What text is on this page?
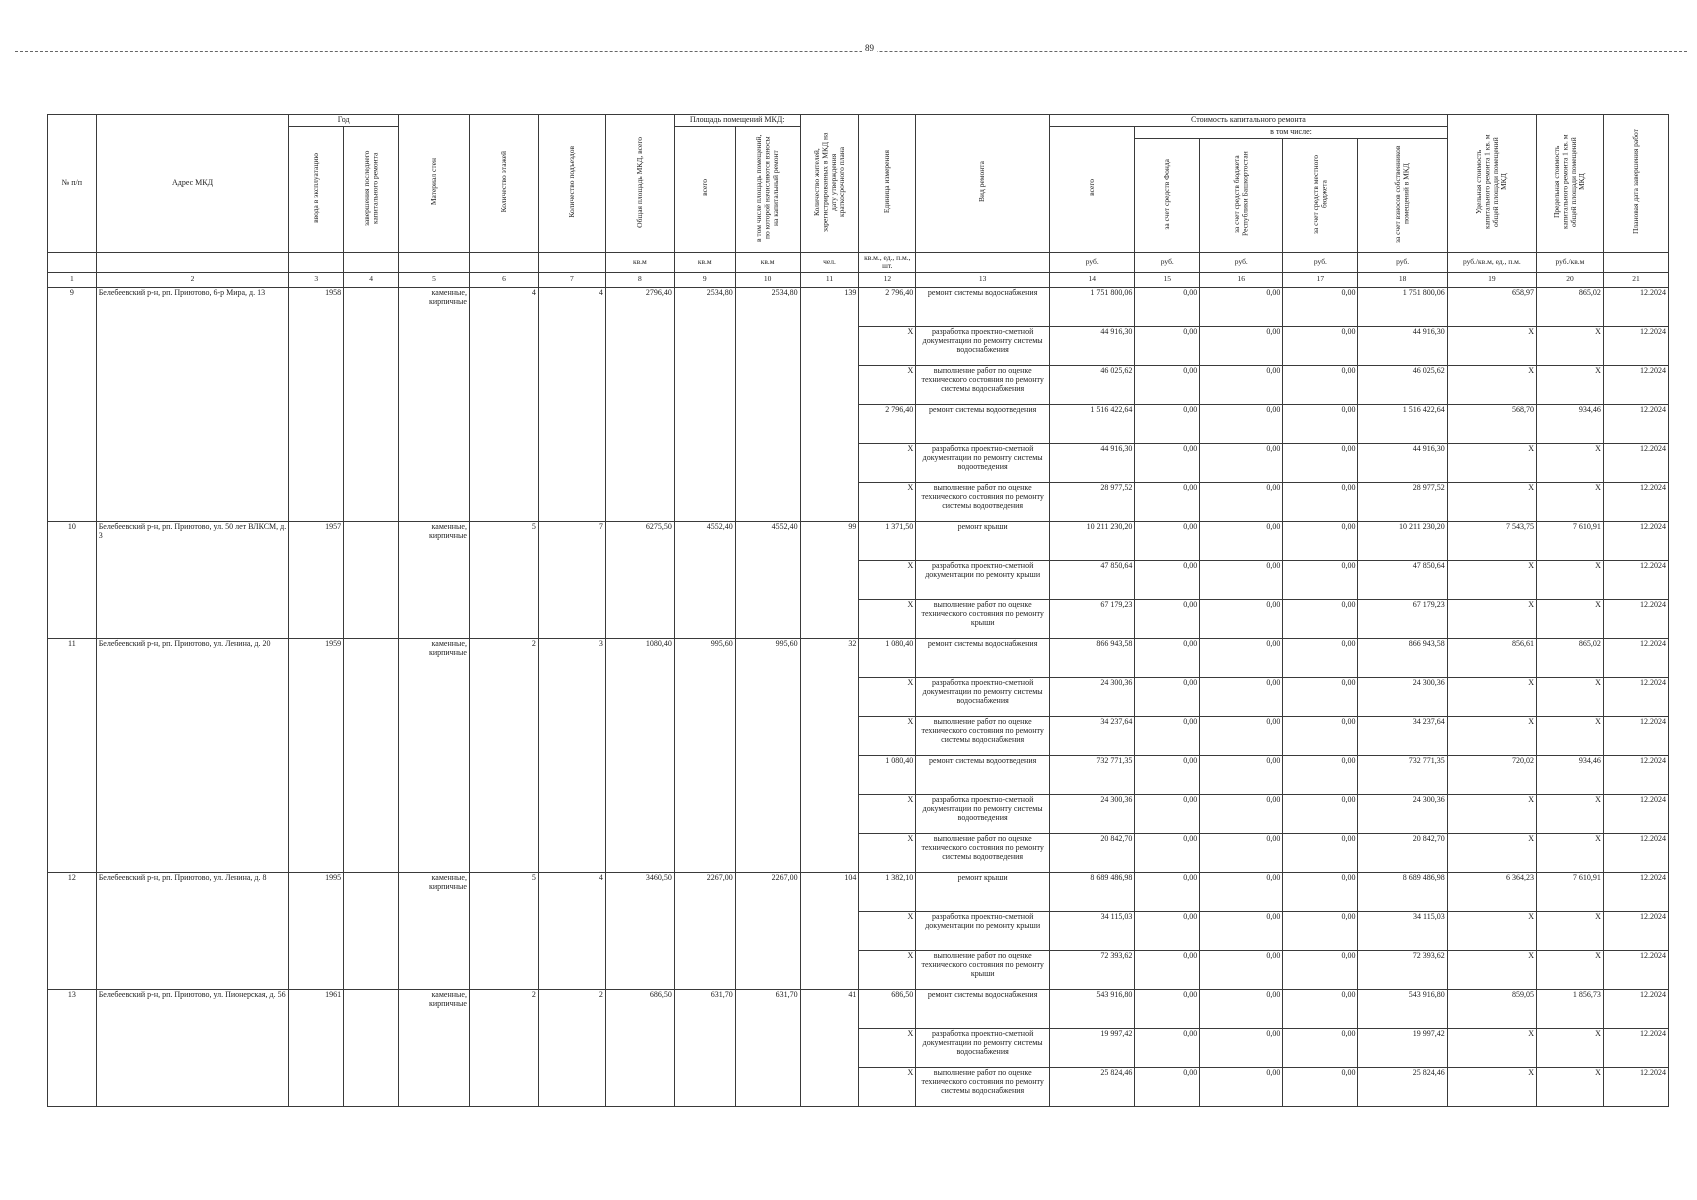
89
№ п/п	Адрес МКД	Год		Материал стен	Количество этажей	Количество подъездов	Общая площадь МКД, всего	Площадь помещений МКД:		Количество жителей, зарегистрированных в МКД на дату утверждения краткосрочного плана	Единица измерения	Вид ремонта	Стоимость капитального ремонта					Удельная стоимость капитального ремонта 1 кв. м общей площади помещений МКД	Предельная стоимость капитального ремонта 1 кв. м общей площади помещений МКД	Плановая дата завершения работ
		ввода в эксплуатацию	завершения последнего капитального ремонта					всего	в том числе площадь помещений, по которой начисляются взносы на капитальный ремонт				всего	в том числе:						
														за счет средств Фонда	за счет средств бюджета Республики Башкортостан	за счет средств местного бюджета	за счет взносов собственников помещений в МКД			
							кв.м	кв.м	кв.м	чел.	кв.м., ед., п.м., шт.		руб.	руб.	руб.	руб.	руб.	руб./кв.м, ед., п.м.	руб./кв.м	
1	2	3	4	5	6	7	8	9	10	11	12	13	14	15	16	17	18	19	20	21
9	Белебеевский р-н, рп. Приютово, 6-р Мира, д. 13	1958		каменные, кирпичные	4	4	2796,40	2534,80	2534,80	139	2 796,40	ремонт системы водоснабжения	1 751 800,06	0,00	0,00	0,00	1 751 800,06	658,97	865,02	12.2024
											X	разработка проектно-сметной документации по ремонту системы водоснабжения	44 916,30	0,00	0,00	0,00	44 916,30	X	X	12.2024
											X	выполнение работ по оценке технического состояния по ремонту системы водоснабжения	46 025,62	0,00	0,00	0,00	46 025,62	X	X	12.2024
											2 796,40	ремонт системы водоотведения	1 516 422,64	0,00	0,00	0,00	1 516 422,64	568,70	934,46	12.2024
											X	разработка проектно-сметной документации по ремонту системы водоотведения	44 916,30	0,00	0,00	0,00	44 916,30	X	X	12.2024
											X	выполнение работ по оценке технического состояния по ремонту системы водоотведения	28 977,52	0,00	0,00	0,00	28 977,52	X	X	12.2024
10	Белебеевский р-н, рп. Приютово, ул. 50 лет ВЛКСМ, д. 3	1957		каменные, кирпичные	5	7	6275,50	4552,40	4552,40	99	1 371,50	ремонт крыши	10 211 230,20	0,00	0,00	0,00	10 211 230,20	7 543,75	7 610,91	12.2024
											X	разработка проектно-сметной документации по ремонту крыши	47 850,64	0,00	0,00	0,00	47 850,64	X	X	12.2024
											X	выполнение работ по оценке технического состояния по ремонту крыши	67 179,23	0,00	0,00	0,00	67 179,23	X	X	12.2024
11	Белебеевский р-н, рп. Приютово, ул. Ленина, д. 20	1959		каменные, кирпичные	2	3	1080,40	995,60	995,60	32	1 080,40	ремонт системы водоснабжения	866 943,58	0,00	0,00	0,00	866 943,58	856,61	865,02	12.2024
											X	разработка проектно-сметной документации по ремонту системы водоснабжения	24 300,36	0,00	0,00	0,00	24 300,36	X	X	12.2024
											X	выполнение работ по оценке технического состояния по ремонту системы водоснабжения	34 237,64	0,00	0,00	0,00	34 237,64	X	X	12.2024
											1 080,40	ремонт системы водоотведения	732 771,35	0,00	0,00	0,00	732 771,35	720,02	934,46	12.2024
											X	разработка проектно-сметной документации по ремонту системы водоотведения	24 300,36	0,00	0,00	0,00	24 300,36	X	X	12.2024
											X	выполнение работ по оценке технического состояния по ремонту системы водоотведения	20 842,70	0,00	0,00	0,00	20 842,70	X	X	12.2024
12	Белебеевский р-н, рп. Приютово, ул. Ленина, д. 8	1995		каменные, кирпичные	5	4	3460,50	2267,00	2267,00	104	1 382,10	ремонт крыши	8 689 486,98	0,00	0,00	0,00	8 689 486,98	6 364,23	7 610,91	12.2024
											X	разработка проектно-сметной документации по ремонту крыши	34 115,03	0,00	0,00	0,00	34 115,03	X	X	12.2024
											X	выполнение работ по оценке технического состояния по ремонту крыши	72 393,62	0,00	0,00	0,00	72 393,62	X	X	12.2024
13	Белебеевский р-н, рп. Приютово, ул. Пионерская, д. 56	1961		каменные, кирпичные	2	2	686,50	631,70	631,70	41	686,50	ремонт системы водоснабжения	543 916,80	0,00	0,00	0,00	543 916,80	859,05	1 856,73	12.2024
											X	разработка проектно-сметной документации по ремонту системы водоснабжения	19 997,42	0,00	0,00	0,00	19 997,42	X	X	12.2024
											X	выполнение работ по оценке технического состояния по ремонту системы водоснабжения	25 824,46	0,00	0,00	0,00	25 824,46	X	X	12.2024
